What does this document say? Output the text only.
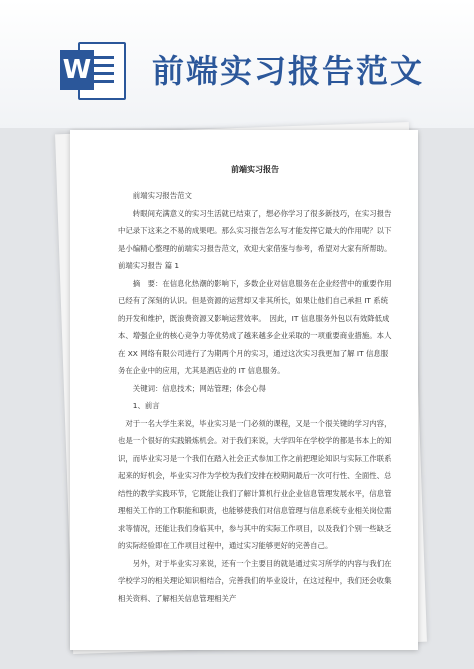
W 前端实习报告范文

前端实习报告

前端实习报告范文

转眼间充满意义的实习生活就已结束了，想必你学习了很多新技巧，在实习报告中记录下这来之不易的成果吧。那么实习报告怎么写才能发挥它最大的作用呢？以下是小编精心整理的前端实习报告范文，欢迎大家借鉴与参考，希望对大家有所帮助。

前端实习报告 篇 1

摘　要：在信息化热潮的影响下，多数企业对信息服务在企业经营中的重要作用已经有了深刻的认识。但是资源的运营却又非其所长，如果让他们自己承担 IT 系统的开发和维护，既浪费资源又影响运营效率。　因此，IT 信息服务外包以有效降低成本、增强企业的核心竞争力等优势成了越来越多企业采取的一项重要商业措施。本人在 XX 网络有限公司进行了为期两个月的实习，通过这次实习我更加了解 IT 信息服务在企业中的应用，尤其是酒店业的 IT 信息服务。

关键词：信息技术；网站管理；体会心得

1、前言

对于一名大学生来说，毕业实习是一门必须的课程，又是一个很关键的学习内容，也是一个很好的实践锻炼机会。对于我们来说，大学四年在学校学的都是书本上的知识，而毕业实习是一个我们在踏入社会正式参加工作之前把理论知识与实际工作联系起来的好机会，毕业实习作为学校为我们安排在校期间最后一次可行性、全面性、总结性的教学实践环节，它既能让我们了解计算机行业企业信息管理发展水平，信息管理相关工作的工作职能和职责，也能够使我们对信息管理与信息系统专业相关岗位需求等情况，还能让我们身临其中，参与其中的实际工作项目，以及我们个别一些缺乏的实际经验即在工作项目过程中，通过实习能够更好的完善自己。

另外，对于毕业实习来说，还有一个主要目的就是通过实习所学的内容与我们在学校学习的相关理论知识相结合，完善我们的毕业设计，在这过程中，我们还会收集相关资料、了解相关信息管理相关产
